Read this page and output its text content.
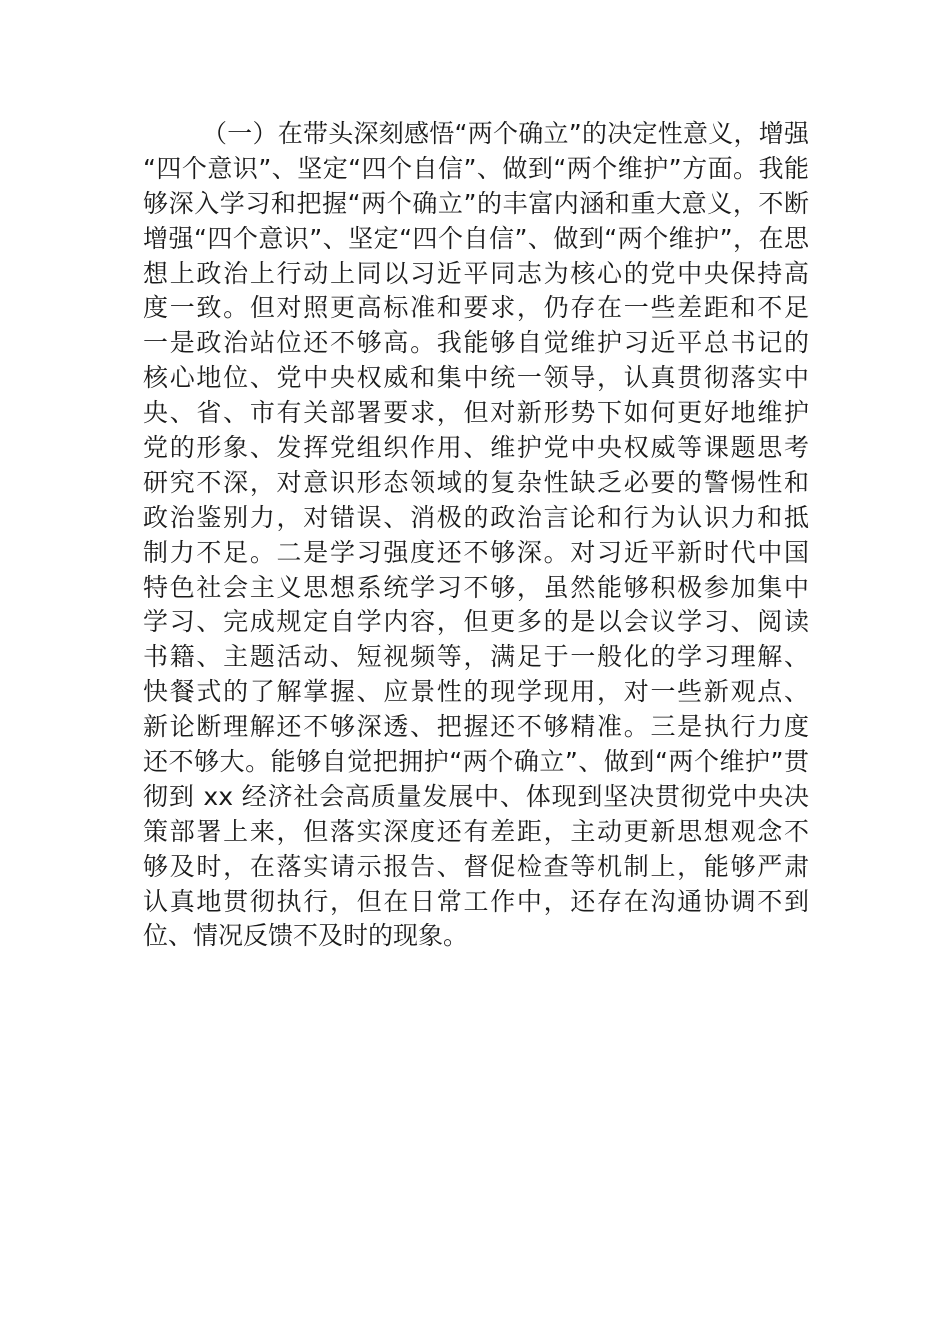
（一）在带头深刻感悟“两个确立”的决定性意义，增强
“四个意识”、坚定“四个自信”、做到“两个维护”方面。我能
够深入学习和把握“两个确立”的丰富内涵和重大意义，不断
增强“四个意识”、坚定“四个自信”、做到“两个维护”，在思
想上政治上行动上同以习近平同志为核心的党中央保持高
度一致。但对照更高标准和要求，仍存在一些差距和不足
一是政治站位还不够高。我能够自觉维护习近平总书记的
核心地位、党中央权威和集中统一领导，认真贯彻落实中
央、省、市有关部署要求，但对新形势下如何更好地维护
党的形象、发挥党组织作用、维护党中央权威等课题思考
研究不深，对意识形态领域的复杂性缺乏必要的警惕性和
政治鉴别力，对错误、消极的政治言论和行为认识力和抵
制力不足。二是学习强度还不够深。对习近平新时代中国
特色社会主义思想系统学习不够，虽然能够积极参加集中
学习、完成规定自学内容，但更多的是以会议学习、阅读
书籍、主题活动、短视频等，满足于一般化的学习理解、
快餐式的了解掌握、应景性的现学现用，对一些新观点、
新论断理解还不够深透、把握还不够精准。三是执行力度
还不够大。能够自觉把拥护“两个确立”、做到“两个维护”贯
彻到 xx 经济社会高质量发展中、体现到坚决贯彻党中央决
策部署上来，但落实深度还有差距，主动更新思想观念不
够及时，在落实请示报告、督促检查等机制上，能够严肃
认真地贯彻执行，但在日常工作中，还存在沟通协调不到
位、情况反馈不及时的现象。
